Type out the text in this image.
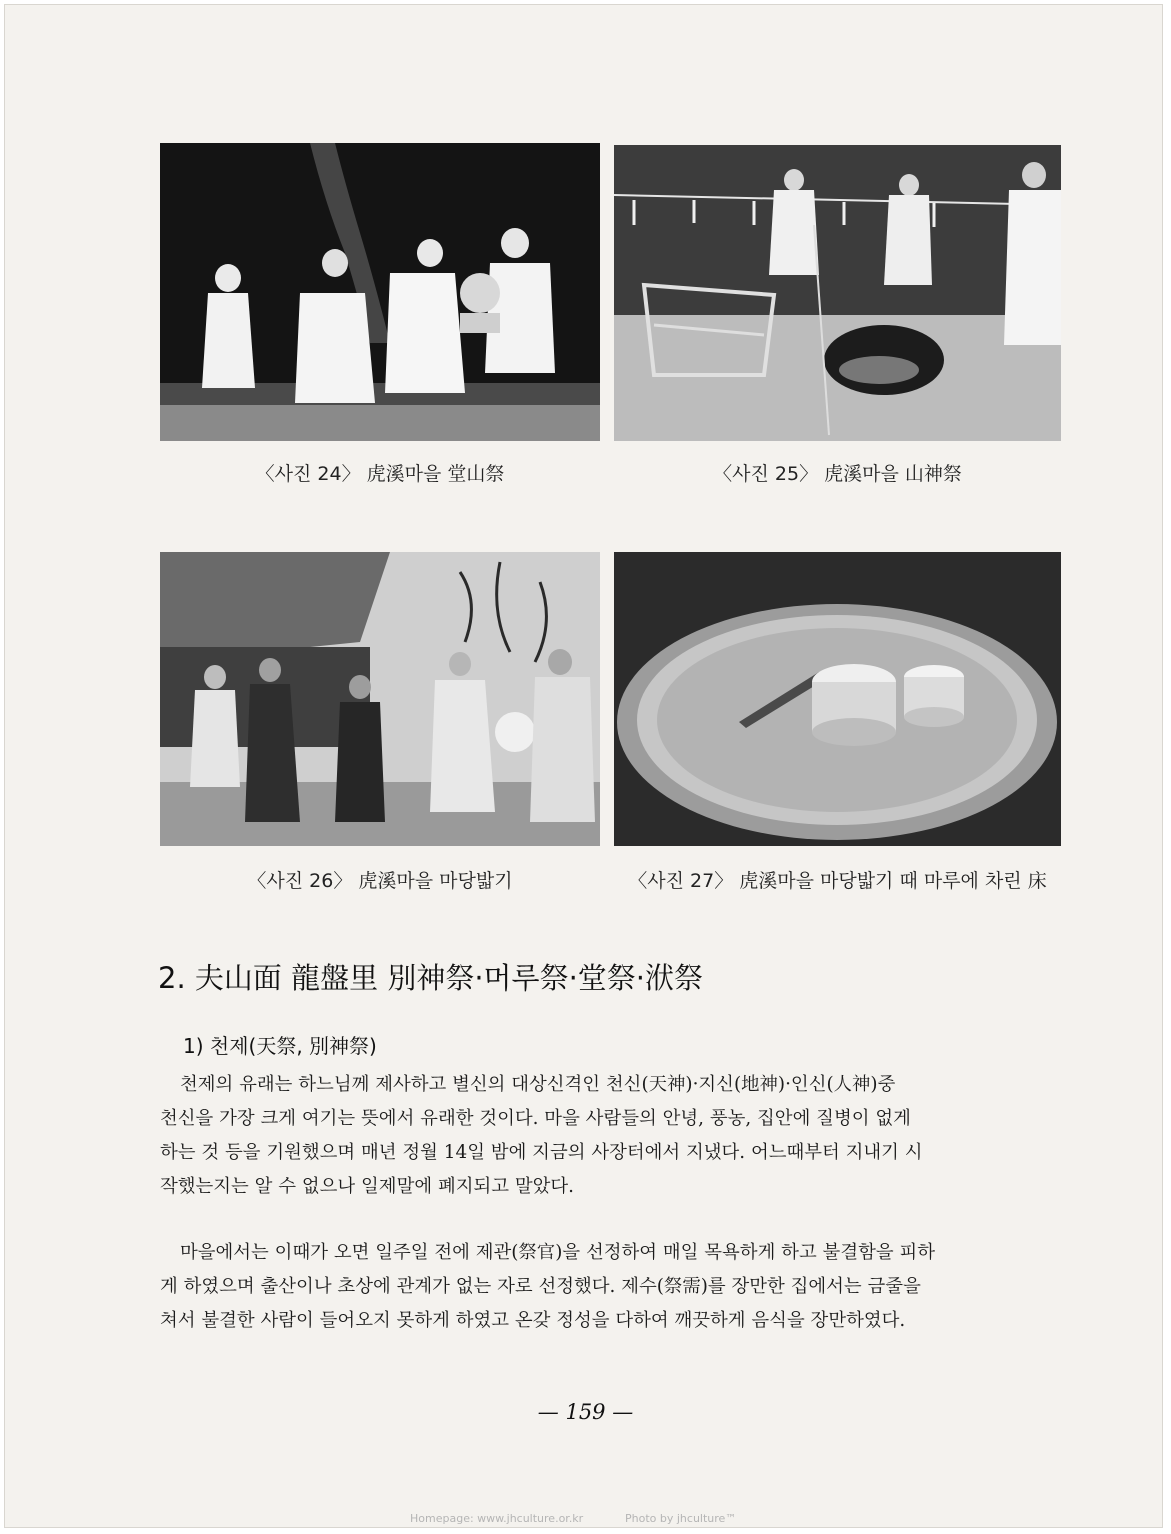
〈사진 24〉 虎溪마을 堂山祭	〈사진 25〉 虎溪마을 山神祭
〈사진 26〉 虎溪마을 마당밟기	〈사진 27〉 虎溪마을 마당밟기 때 마루에 차린 床
2. 夫山面 龍盤里 別神祭·머루祭·堂祭·洑祭
1) 천제(天祭, 別神祭)
천제의 유래는 하느님께 제사하고 별신의 대상신격인 천신(天神)·지신(地神)·인신(人神)중
천신을 가장 크게 여기는 뜻에서 유래한 것이다. 마을 사람들의 안녕, 풍농, 집안에 질병이 없게
하는 것 등을 기원했으며 매년 정월 14일 밤에 지금의 사장터에서 지냈다. 어느때부터 지내기 시
작했는지는 알 수 없으나 일제말에 폐지되고 말았다.
마을에서는 이때가 오면 일주일 전에 제관(祭官)을 선정하여 매일 목욕하게 하고 불결함을 피하
게 하였으며 출산이나 초상에 관계가 없는 자로 선정했다. 제수(祭需)를 장만한 집에서는 금줄을
쳐서 불결한 사람이 들어오지 못하게 하였고 온갖 정성을 다하여 깨끗하게 음식을 장만하였다.
— 159 —
Homepage: www.jhculture.or.kr	Photo by jhculture™
